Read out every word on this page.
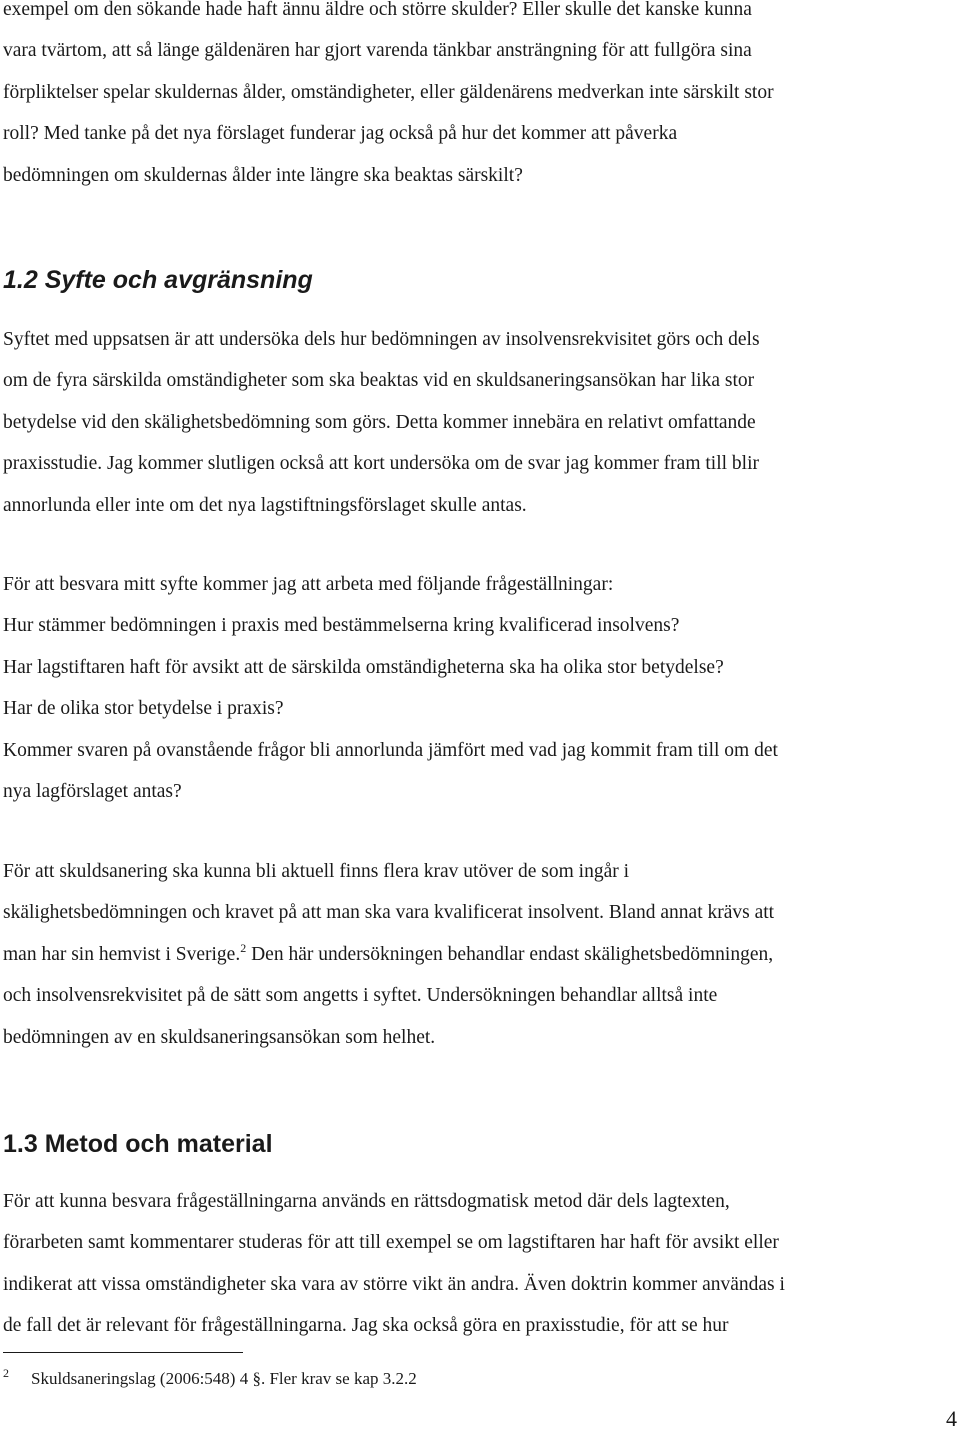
exempel om den sökande hade haft ännu äldre och större skulder? Eller skulle det kanske kunna
vara tvärtom, att så länge gäldenären har gjort varenda tänkbar ansträngning för att fullgöra sina
förpliktelser spelar skuldernas ålder, omständigheter, eller gäldenärens medverkan inte särskilt stor
roll? Med tanke på det nya förslaget funderar jag också på hur det kommer att påverka
bedömningen om skuldernas ålder inte längre ska beaktas särskilt?

1.2 Syfte och avgränsning

Syftet med uppsatsen är att undersöka dels hur bedömningen av insolvensrekvisitet görs och dels
om de fyra särskilda omständigheter som ska beaktas vid en skuldsaneringsansökan har lika stor
betydelse vid den skälighetsbedömning som görs. Detta kommer innebära en relativt omfattande
praxisstudie. Jag kommer slutligen också att kort undersöka om de svar jag kommer fram till blir
annorlunda eller inte om det nya lagstiftningsförslaget skulle antas.

För att besvara mitt syfte kommer jag att arbeta med följande frågeställningar:
Hur stämmer bedömningen i praxis med bestämmelserna kring kvalificerad insolvens?
Har lagstiftaren haft för avsikt att de särskilda omständigheterna ska ha olika stor betydelse?
Har de olika stor betydelse i praxis?
Kommer svaren på ovanstående frågor bli annorlunda jämfört med vad jag kommit fram till om det
nya lagförslaget antas?

För att skuldsanering ska kunna bli aktuell finns flera krav utöver de som ingår i
skälighetsbedömningen och kravet på att man ska vara kvalificerat insolvent. Bland annat krävs att
man har sin hemvist i Sverige.$^2$ Den här undersökningen behandlar endast skälighetsbedömningen,
och insolvensrekvisitet på de sätt som angetts i syftet. Undersökningen behandlar alltså inte
bedömningen av en skuldsaneringsansökan som helhet.

1.3 Metod och material

För att kunna besvara frågeställningarna används en rättsdogmatisk metod där dels lagtexten,
förarbeten samt kommentarer studeras för att till exempel se om lagstiftaren har haft för avsikt eller
indikerat att vissa omständigheter ska vara av större vikt än andra. Även doktrin kommer användas i
de fall det är relevant för frågeställningarna. Jag ska också göra en praxisstudie, för att se hur

2 Skuldsaneringslag (2006:548) 4 §. Fler krav se kap 3.2.2
4
